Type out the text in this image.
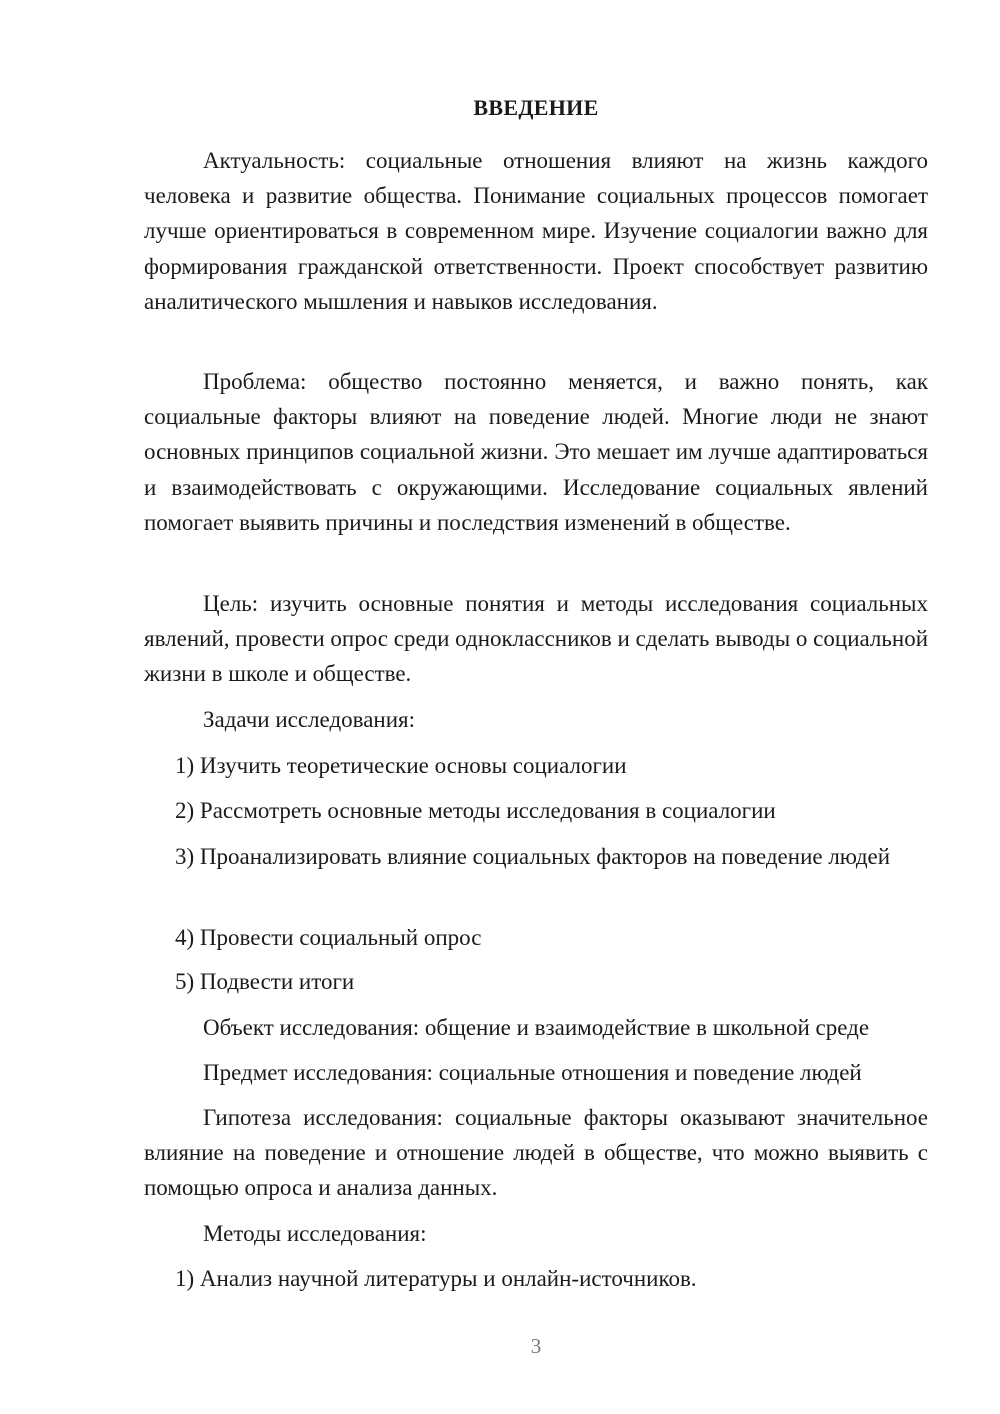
ВВЕДЕНИЕ

Актуальность: социальные отношения влияют на жизнь каждого человека и развитие общества. Понимание социальных процессов помогает лучше ориентироваться в современном мире. Изучение социалогии важно для формирования гражданской ответственности. Проект способствует развитию аналитического мышления и навыков исследования.

Проблема: общество постоянно меняется, и важно понять, как социальные факторы влияют на поведение людей. Многие люди не знают основных принципов социальной жизни. Это мешает им лучше адаптироваться и взаимодействовать с окружающими. Исследование социальных явлений помогает выявить причины и последствия изменений в обществе.

Цель: изучить основные понятия и методы исследования социальных явлений, провести опрос среди одноклассников и сделать выводы о социальной жизни в школе и обществе.

Задачи исследования:

1) Изучить теоретические основы социалогии

2) Рассмотреть основные методы исследования в социалогии

3) Проанализировать влияние социальных факторов на поведение людей

4) Провести социальный опрос

5) Подвести итоги

Объект исследования: общение и взаимодействие в школьной среде

Предмет исследования: социальные отношения и поведение людей

Гипотеза исследования: социальные факторы оказывают значительное влияние на поведение и отношение людей в обществе, что можно выявить с помощью опроса и анализа данных.

Методы исследования:

1) Анализ научной литературы и онлайн-источников.

3
